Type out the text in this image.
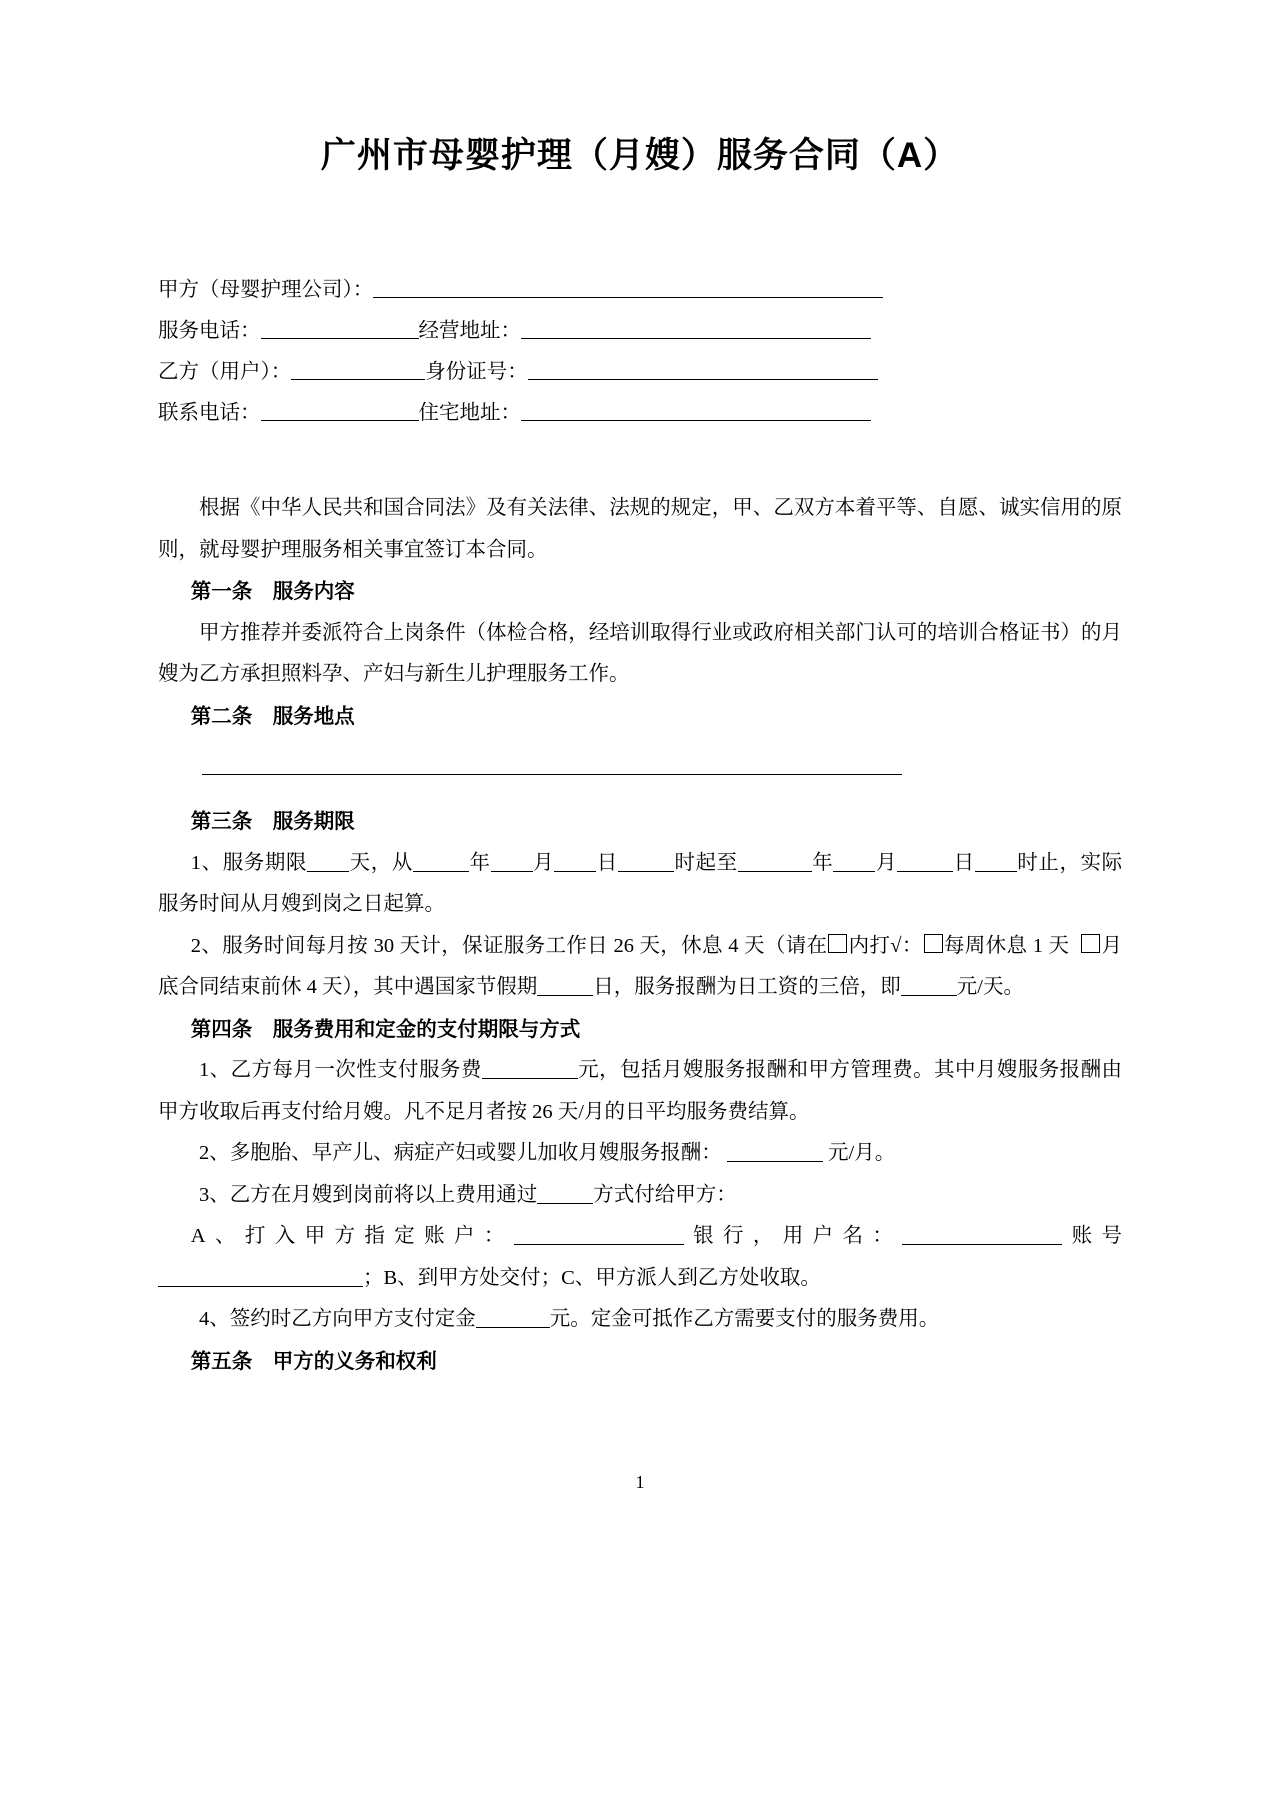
广州市母婴护理（月嫂）服务合同（A）
甲方（母婴护理公司）：
服务电话：	经营地址：
乙方（用户）：	身份证号：
联系电话：	住宅地址：

根据《中华人民共和国合同法》及有关法律、法规的规定，甲、乙双方本着平等、自愿、诚实信用的原则，就母婴护理服务相关事宜签订本合同。

第一条　服务内容

甲方推荐并委派符合上岗条件（体检合格，经培训取得行业或政府相关部门认可的培训合格证书）的月嫂为乙方承担照料孕、产妇与新生儿护理服务工作。

第二条　服务地点

第三条　服务期限

1、服务期限 天，从	年 月 日	时起至	年 月	日 时止，实际服务时间从月嫂到岗之日起算。

2、服务时间每月按 30 天计，保证服务工作日 26 天，休息 4 天（请在 内打√： 每周休息 1 天 月底合同结束前休 4 天），其中遇国家节假期	日，服务报酬为日工资的三倍，即	元/天。

第四条　服务费用和定金的支付期限与方式

1、乙方每月一次性支付服务费	元，包括月嫂服务报酬和甲方管理费。其中月嫂服务报酬由甲方收取后再支付给月嫂。凡不足月者按 26 天/月的日平均服务费结算。

2、多胞胎、早产儿、病症产妇或婴儿加收月嫂服务报酬：	元/月。

3、乙方在月嫂到岗前将以上费用通过	方式付给甲方：

A、打入甲方指定账户：	银行，用户名：	账号；B、到甲方处交付；C、甲方派人到乙方处收取。

4、签约时乙方向甲方支付定金	元。定金可抵作乙方需要支付的服务费用。

第五条　甲方的义务和权利

1
